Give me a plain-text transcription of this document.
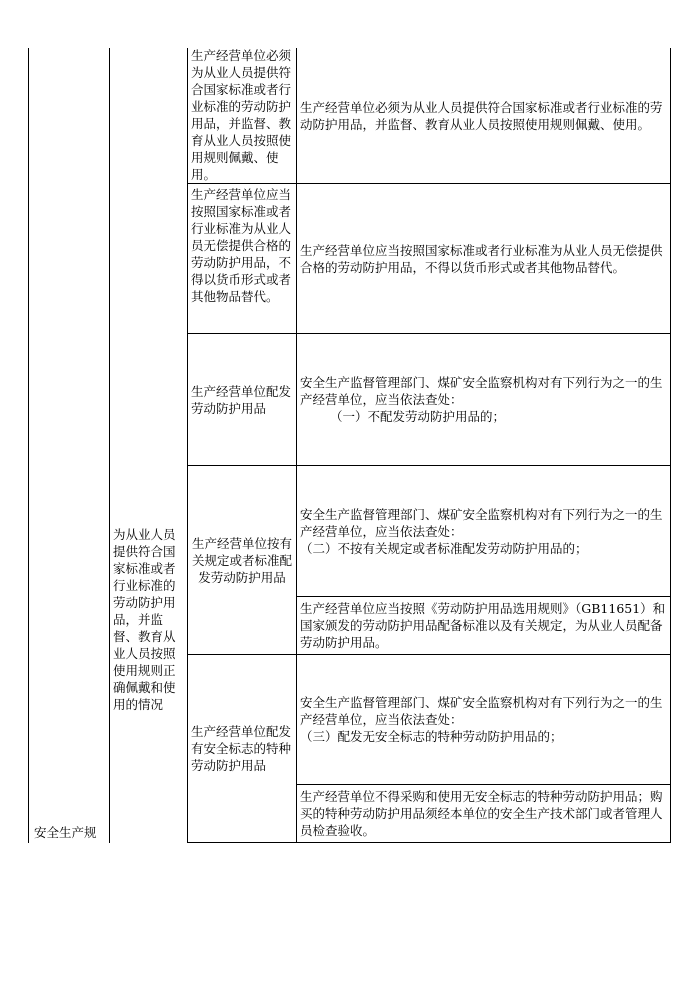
安全生产规
为从业人员提供符合国家标准或者行业标准的劳动防护用品，并监督、教育从业人员按照使用规则正确佩戴和使用的情况
生产经营单位必须为从业人员提供符合国家标准或者行业标准的劳动防护用品，并监督、教育从业人员按照使用规则佩戴、使用。

生产经营单位必须为从业人员提供符合国家标准或者行业标准的劳动防护用品，并监督、教育从业人员按照使用规则佩戴、使用。

生产经营单位应当按照国家标准或者行业标准为从业人员无偿提供合格的劳动防护用品，不得以货币形式或者其他物品替代。

生产经营单位应当按照国家标准或者行业标准为从业人员无偿提供合格的劳动防护用品，不得以货币形式或者其他物品替代。

生产经营单位配发劳动防护用品

安全生产监督管理部门、煤矿安全监察机构对有下列行为之一的生产经营单位，应当依法查处：

（一）不配发劳动防护用品的；

生产经营单位按有关规定或者标准配发劳动防护用品

安全生产监督管理部门、煤矿安全监察机构对有下列行为之一的生产经营单位，应当依法查处：

（二）不按有关规定或者标准配发劳动防护用品的；

生产经营单位应当按照《劳动防护用品选用规则》（GB11651）和国家颁发的劳动防护用品配备标准以及有关规定，为从业人员配备劳动防护用品。

生产经营单位配发有安全标志的特种劳动防护用品

安全生产监督管理部门、煤矿安全监察机构对有下列行为之一的生产经营单位，应当依法查处：

（三）配发无安全标志的特种劳动防护用品的；

生产经营单位不得采购和使用无安全标志的特种劳动防护用品；购买的特种劳动防护用品须经本单位的安全生产技术部门或者管理人员检查验收。
